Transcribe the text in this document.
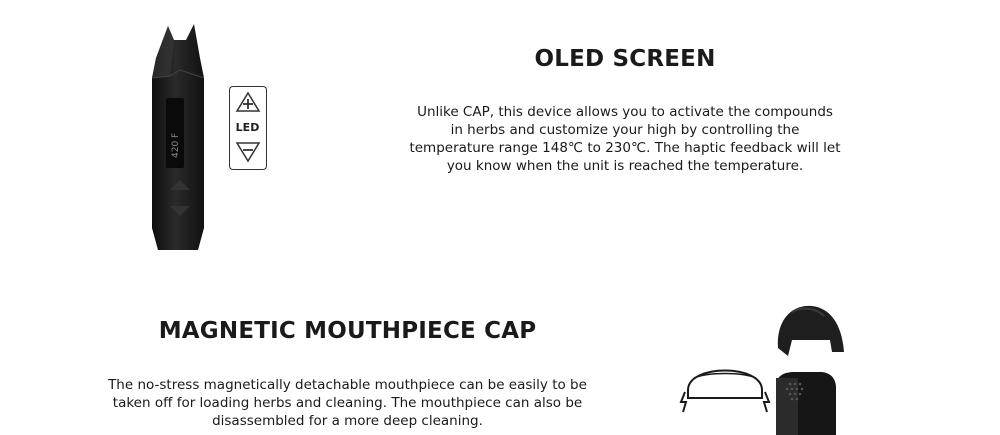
420 F
LED
OLED SCREEN
Unlike CAP, this device allows you to activate the compounds
in herbs and customize your high by controlling the
temperature range 148℃ to 230℃. The haptic feedback will let
you know when the unit is reached the temperature.
MAGNETIC MOUTHPIECE CAP
The no-stress magnetically detachable mouthpiece can be easily to be
taken off for loading herbs and cleaning. The mouthpiece can also be
disassembled for a more deep cleaning.
